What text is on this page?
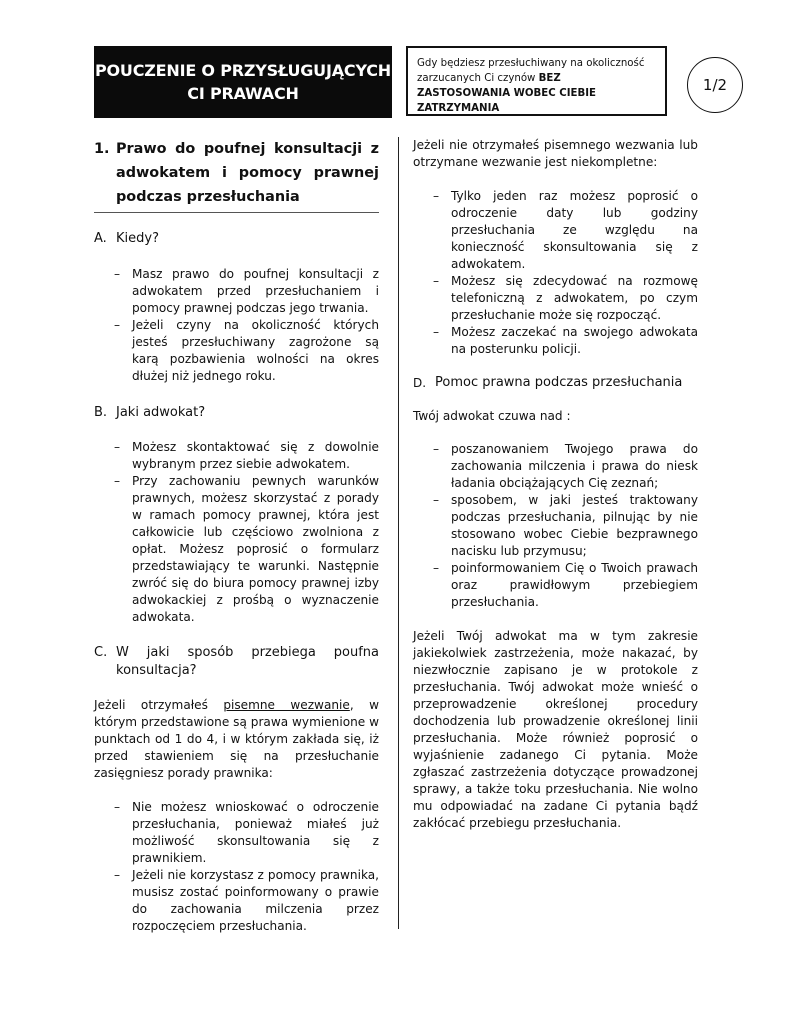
POUCZENIE O PRZYSŁUGUJĄCYCH CI PRAWACH
Gdy będziesz przesłuchiwany na okoliczność zarzucanych Ci czynów BEZ ZASTOSOWANIA WOBEC CIEBIE ZATRZYMANIA
1/2
1. Prawo do poufnej konsultacji z adwokatem i pomocy prawnej podczas przesłuchania
A. Kiedy?
– Masz prawo do poufnej konsultacji z adwokatem przed przesłuchaniem i pomocy prawnej podczas jego trwania.
– Jeżeli czyny na okoliczność których jesteś przesłuchiwany zagrożone są karą pozbawienia wolności na okres dłużej niż jednego roku.
B. Jaki adwokat?
– Możesz skontaktować się z dowolnie wybranym przez siebie adwokatem.
– Przy zachowaniu pewnych warunków prawnych, możesz skorzystać z porady w ramach pomocy prawnej, która jest całkowicie lub częściowo zwolniona z opłat. Możesz poprosić o formularz przedstawiający te warunki. Następnie zwróć się do biura pomocy prawnej izby adwokackiej z prośbą o wyznaczenie adwokata.
C. W jaki sposób przebiega poufna konsultacja?

Jeżeli otrzymałeś pisemne wezwanie, w którym przedstawione są prawa wymienione w punktach od 1 do 4, i w którym zakłada się, iż przed stawieniem się na przesłuchanie zasięgniesz porady prawnika:

– Nie możesz wnioskować o odroczenie przesłuchania, ponieważ miałeś już możliwość skonsultowania się z prawnikiem.
– Jeżeli nie korzystasz z pomocy prawnika, musisz zostać poinformowany o prawie do zachowania milczenia przez rozpoczęciem przesłuchania.

Jeżeli nie otrzymałeś pisemnego wezwania lub otrzymane wezwanie jest niekompletne:

– Tylko jeden raz możesz poprosić o odroczenie daty lub godziny przesłuchania ze względu na konieczność skonsultowania się z adwokatem.
– Możesz się zdecydować na rozmowę telefoniczną z adwokatem, po czym przesłuchanie może się rozpocząć.
– Możesz zaczekać na swojego adwokata na posterunku policji.
D. Pomoc prawna podczas przesłuchania

Twój adwokat czuwa nad :

– poszanowaniem Twojego prawa do zachowania milczenia i prawa do niesk ładania obciążających Cię zeznań;
– sposobem, w jaki jesteś traktowany podczas przesłuchania, pilnując by nie stosowano wobec Ciebie bezprawnego nacisku lub przymusu;
– poinformowaniem Cię o Twoich prawach oraz prawidłowym przebiegiem przesłuchania.

Jeżeli Twój adwokat ma w tym zakresie jakiekolwiek zastrzeżenia, może nakazać, by niezwłocznie zapisano je w protokole z przesłuchania. Twój adwokat może wnieść o przeprowadzenie określonej procedury dochodzenia lub prowadzenie określonej linii przesłuchania. Może również poprosić o wyjaśnienie zadanego Ci pytania. Może zgłaszać zastrzeżenia dotyczące prowadzonej sprawy, a także toku przesłuchania. Nie wolno mu odpowiadać na zadane Ci pytania bądź zakłócać przebiegu przesłuchania.
